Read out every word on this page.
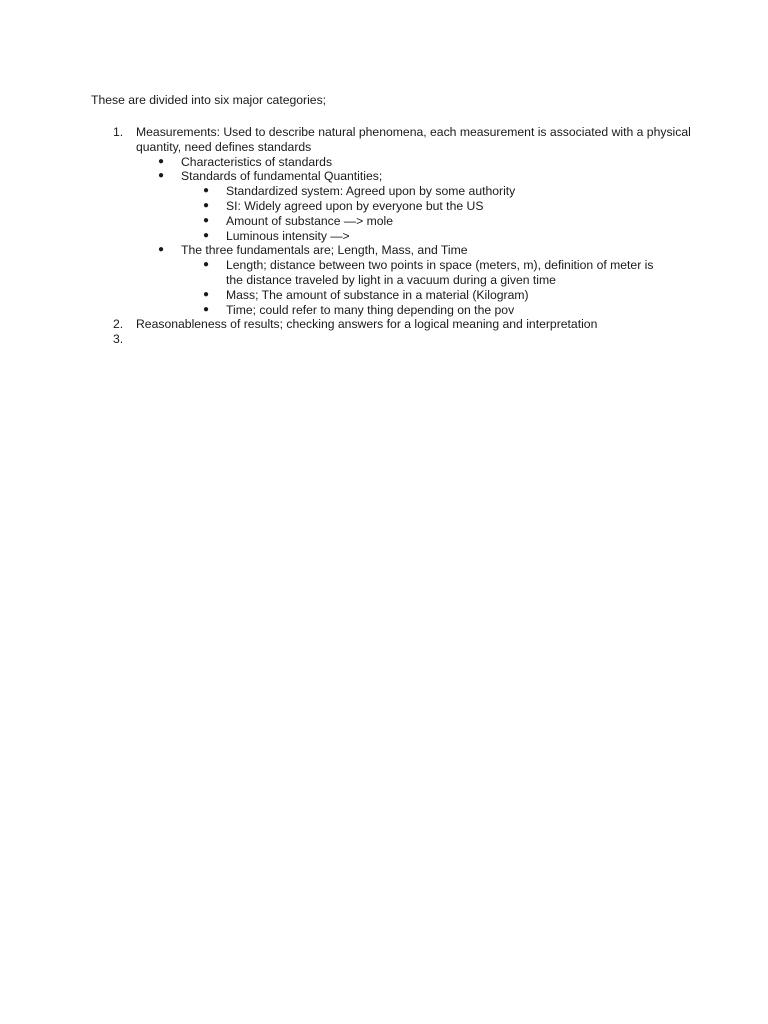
These are divided into six major categories;

1. Measurements: Used to describe natural phenomena, each measurement is associated with a physical quantity, need defines standards

● Characteristics of standards

● Standards of fundamental Quantities;

● Standardized system: Agreed upon by some authority

● SI: Widely agreed upon by everyone but the US

● Amount of substance —> mole

● Luminous intensity —>

● The three fundamentals are; Length, Mass, and Time

● Length; distance between two points in space (meters, m), definition of meter is the distance traveled by light in a vacuum during a given time

● Mass; The amount of substance in a material (Kilogram)

● Time; could refer to many thing depending on the pov

2. Reasonableness of results; checking answers for a logical meaning and interpretation

3.
